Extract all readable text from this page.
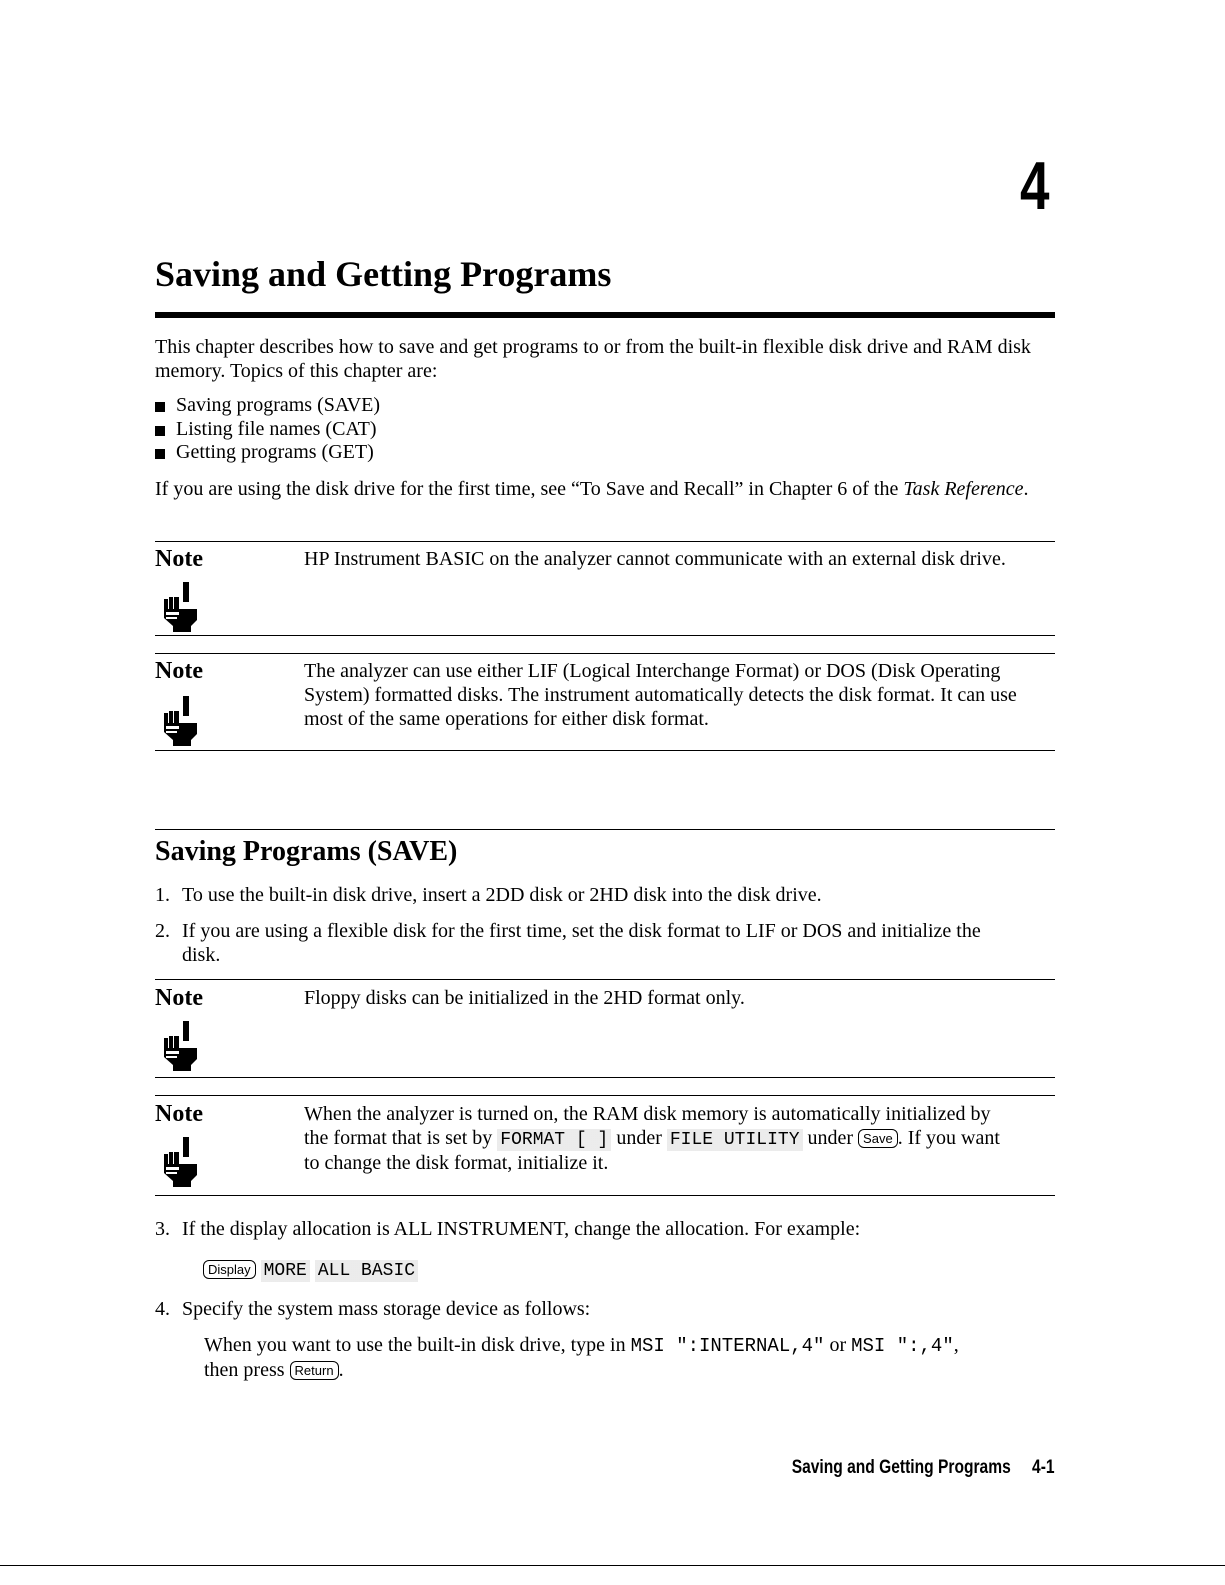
4
Saving and Getting Programs
This chapter describes how to save and get programs to or from the built-in flexible disk drive and RAM disk memory. Topics of this chapter are:
Saving programs (SAVE)
Listing file names (CAT)
Getting programs (GET)
If you are using the disk drive for the first time, see “To Save and Recall” in Chapter 6 of the Task Reference.
Note	HP Instrument BASIC on the analyzer cannot communicate with an external disk drive.
Note	The analyzer can use either LIF (Logical Interchange Format) or DOS (Disk Operating System) formatted disks. The instrument automatically detects the disk format. It can use most of the same operations for either disk format.
Saving Programs (SAVE)
1. To use the built-in disk drive, insert a 2DD disk or 2HD disk into the disk drive.
2. If you are using a flexible disk for the first time, set the disk format to LIF or DOS and initialize the disk.
Note	Floppy disks can be initialized in the 2HD format only.
Note	When the analyzer is turned on, the RAM disk memory is automatically initialized by the format that is set by FORMAT [ ] under FILE UTILITY under Save . If you want to change the disk format, initialize it.
3. If the display allocation is ALL INSTRUMENT, change the allocation. For example:
Display MORE ALL BASIC
4. Specify the system mass storage device as follows:
When you want to use the built-in disk drive, type in MSI ":INTERNAL,4" or MSI ":,4",
then press Return .
Saving and Getting Programs 4-1
